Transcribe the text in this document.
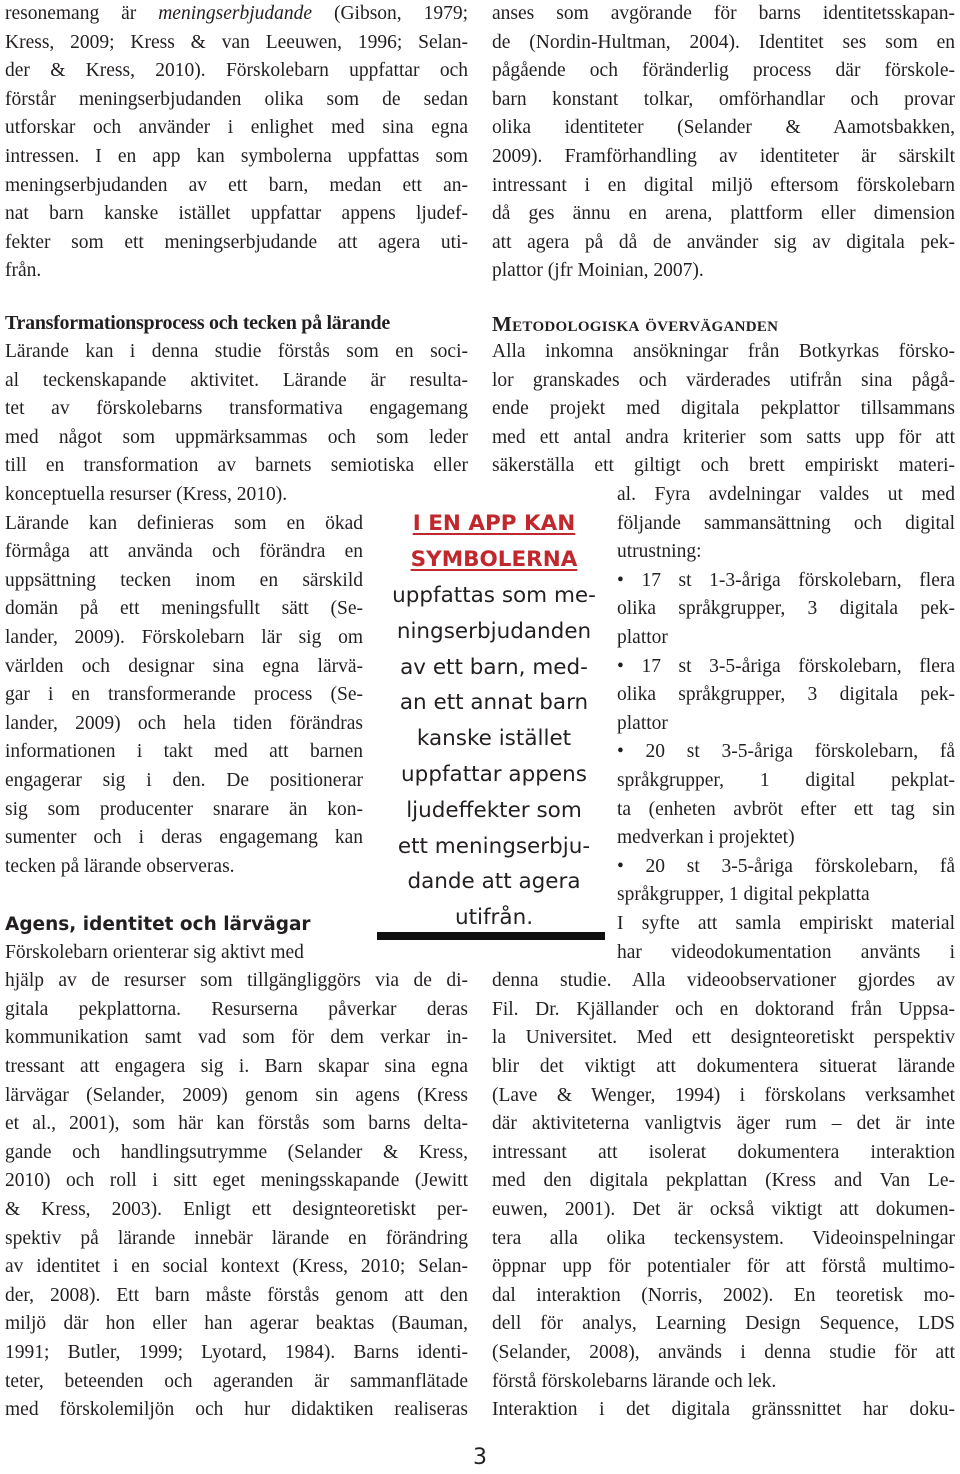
resonemang är meningserbjudande (Gibson, 1979;

Kress, 2009; Kress & van Leeuwen, 1996; Selan-

der & Kress, 2010). Förskolebarn uppfattar och

förstår meningserbjudanden olika som de sedan

utforskar och använder i enlighet med sina egna

intressen. I en app kan symbolerna uppfattas som

meningserbjudanden av ett barn, medan ett an-

nat barn kanske istället uppfattar appens ljudef-

fekter som ett meningserbjudande att agera uti-

från.

Transformationsprocess och tecken på lärande

Lärande kan i denna studie förstås som en soci-

al teckenskapande aktivitet. Lärande är resulta-

tet av förskolebarns transformativa engagemang

med något som uppmärksammas och som leder

till en transformation av barnets semiotiska eller

konceptuella resurser (Kress, 2010).

Lärande kan definieras som en ökad

förmåga att använda och förändra en

uppsättning tecken inom en särskild

domän på ett meningsfullt sätt (Se-

lander, 2009). Förskolebarn lär sig om

världen och designar sina egna lärvä-

gar i en transformerande process (Se-

lander, 2009) och hela tiden förändras

informationen i takt med att barnen

engagerar sig i den. De positionerar

sig som producenter snarare än kon-

sumenter och i deras engagemang kan

tecken på lärande observeras.

Agens, identitet och lärvägar

Förskolebarn orienterar sig aktivt med

hjälp av de resurser som tillgängliggörs via de di-

gitala pekplattorna. Resurserna påverkar deras

kommunikation samt vad som för dem verkar in-

tressant att engagera sig i. Barn skapar sina egna

lärvägar (Selander, 2009) genom sin agens (Kress

et al., 2001), som här kan förstås som barns delta-

gande och handlingsutrymme (Selander & Kress,

2010) och roll i sitt eget meningsskapande (Jewitt

& Kress, 2003). Enligt ett designteoretiskt per-

spektiv på lärande innebär lärande en förändring

av identitet i en social kontext (Kress, 2010; Selan-

der, 2008). Ett barn måste förstås genom att den

miljö där hon eller han agerar beaktas (Bauman,

1991; Butler, 1999; Lyotard, 1984). Barns identi-

teter, beteenden och ageranden är sammanflätade

med förskolemiljön och hur didaktiken realiseras

I EN APP KAN

SYMBOLERNA

uppfattas som me-

ningserbjudanden

av ett barn, med-

an ett annat barn

kanske istället

uppfattar appens

ljudeffekter som

ett meningserbju-

dande att agera

utifrån.

anses som avgörande för barns identitetsskapan-

de (Nordin-Hultman, 2004). Identitet ses som en

pågående och föränderlig process där förskole-

barn konstant tolkar, omförhandlar och provar

olika identiteter (Selander & Aamotsbakken,

2009). Framförhandling av identiteter är särskilt

intressant i en digital miljö eftersom förskolebarn

då ges ännu en arena, plattform eller dimension

att agera på då de använder sig av digitala pek-

plattor (jfr Moinian, 2007).

Metodologiska överväganden

Alla inkomna ansökningar från Botkyrkas försko-

lor granskades och värderades utifrån sina pågå-

ende projekt med digitala pekplattor tillsammans

med ett antal andra kriterier som satts upp för att

säkerställa ett giltigt och brett empiriskt materi-

al. Fyra avdelningar valdes ut med

följande sammansättning och digital

utrustning:

• 17 st 1-3-åriga förskolebarn, flera

olika språkgrupper, 3 digitala pek-

plattor

• 17 st 3-5-åriga förskolebarn, flera

olika språkgrupper, 3 digitala pek-

plattor

• 20 st 3-5-åriga förskolebarn, få

språkgrupper, 1 digital pekplat-

ta (enheten avbröt efter ett tag sin

medverkan i projektet)

• 20 st 3-5-åriga förskolebarn, få

språkgrupper, 1 digital pekplatta

I syfte att samla empiriskt material

har videodokumentation använts i

denna studie. Alla videoobservationer gjordes av

Fil. Dr. Kjällander och en doktorand från Uppsa-

la Universitet. Med ett designteoretiskt perspektiv

blir det viktigt att dokumentera situerat lärande

(Lave & Wenger, 1994) i förskolans verksamhet

där aktiviteterna vanligtvis äger rum – det är inte

intressant att isolerat dokumentera interaktion

med den digitala pekplattan (Kress and Van Le-

euwen, 2001). Det är också viktigt att dokumen-

tera alla olika teckensystem. Videoinspelningar

öppnar upp för potentialer för att förstå multimo-

dal interaktion (Norris, 2002). En teoretisk mo-

dell för analys, Learning Design Sequence, LDS

(Selander, 2008), används i denna studie för att

förstå förskolebarns lärande och lek.

Interaktion i det digitala gränssnittet har doku-

3
